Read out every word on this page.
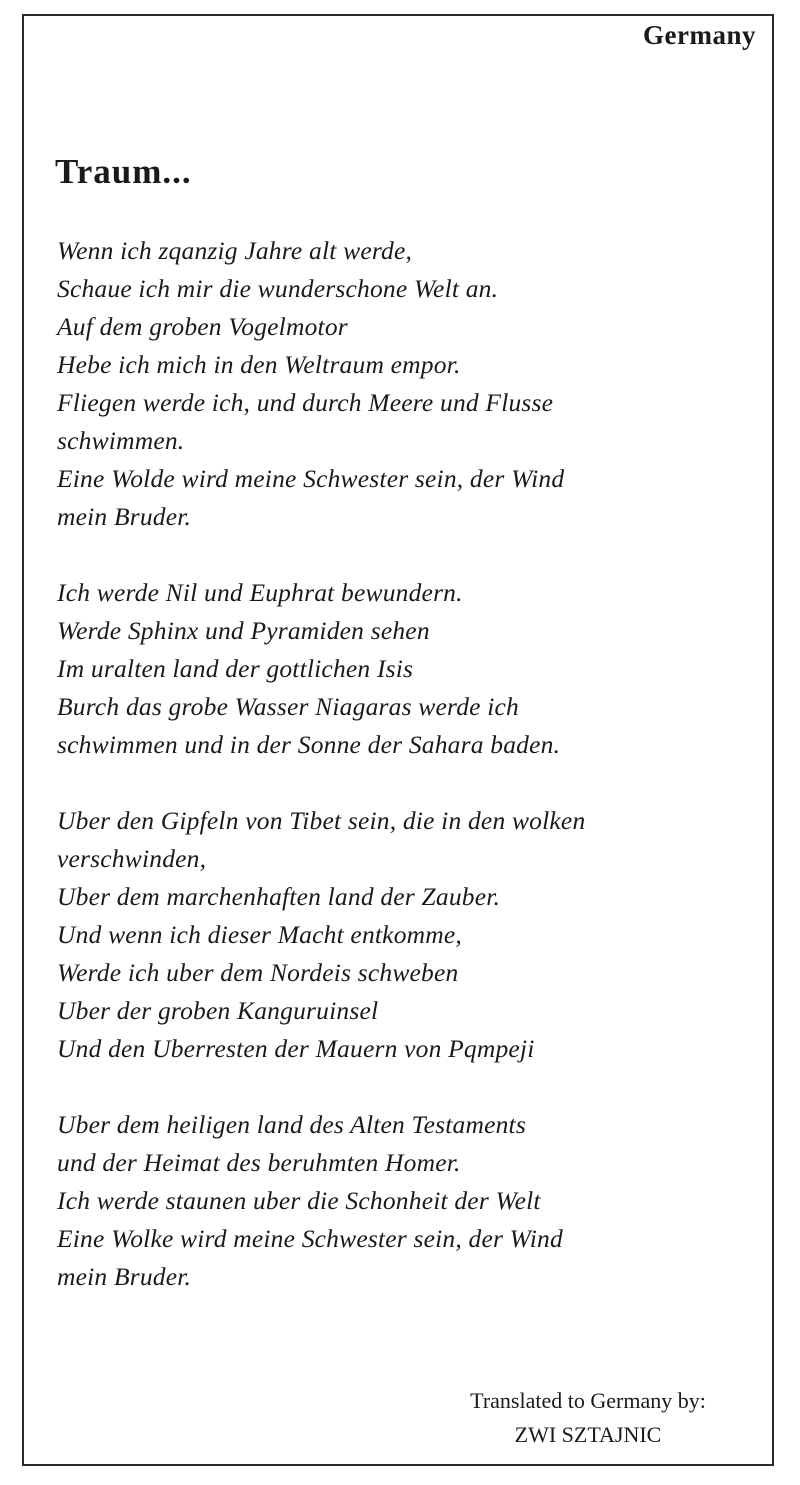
Germany
Traum...
Wenn ich zqanzig Jahre alt werde,
Schaue ich mir die wunderschone Welt an.
Auf dem groben Vogelmotor
Hebe ich mich in den Weltraum empor.
Fliegen werde ich, und durch Meere und Flusse
schwimmen.
Eine Wolde wird meine Schwester sein, der Wind
mein Bruder.
Ich werde Nil und Euphrat bewundern.
Werde Sphinx und Pyramiden sehen
Im uralten land der gottlichen Isis
Burch das grobe Wasser Niagaras werde ich
schwimmen und in der Sonne der Sahara baden.
Uber den Gipfeln von Tibet sein, die in den wolken
verschwinden,
Uber dem marchenhaften land der Zauber.
Und wenn ich dieser Macht entkomme,
Werde ich uber dem Nordeis schweben
Uber der groben Kanguruinsel
Und den Uberresten der Mauern von Pqmpeji
Uber dem heiligen land des Alten Testaments
und der Heimat des beruhmten Homer.
Ich werde staunen uber die Schonheit der Welt
Eine Wolke wird meine Schwester sein, der Wind
mein Bruder.
Translated to Germany by:
ZWI SZTAJNIC
